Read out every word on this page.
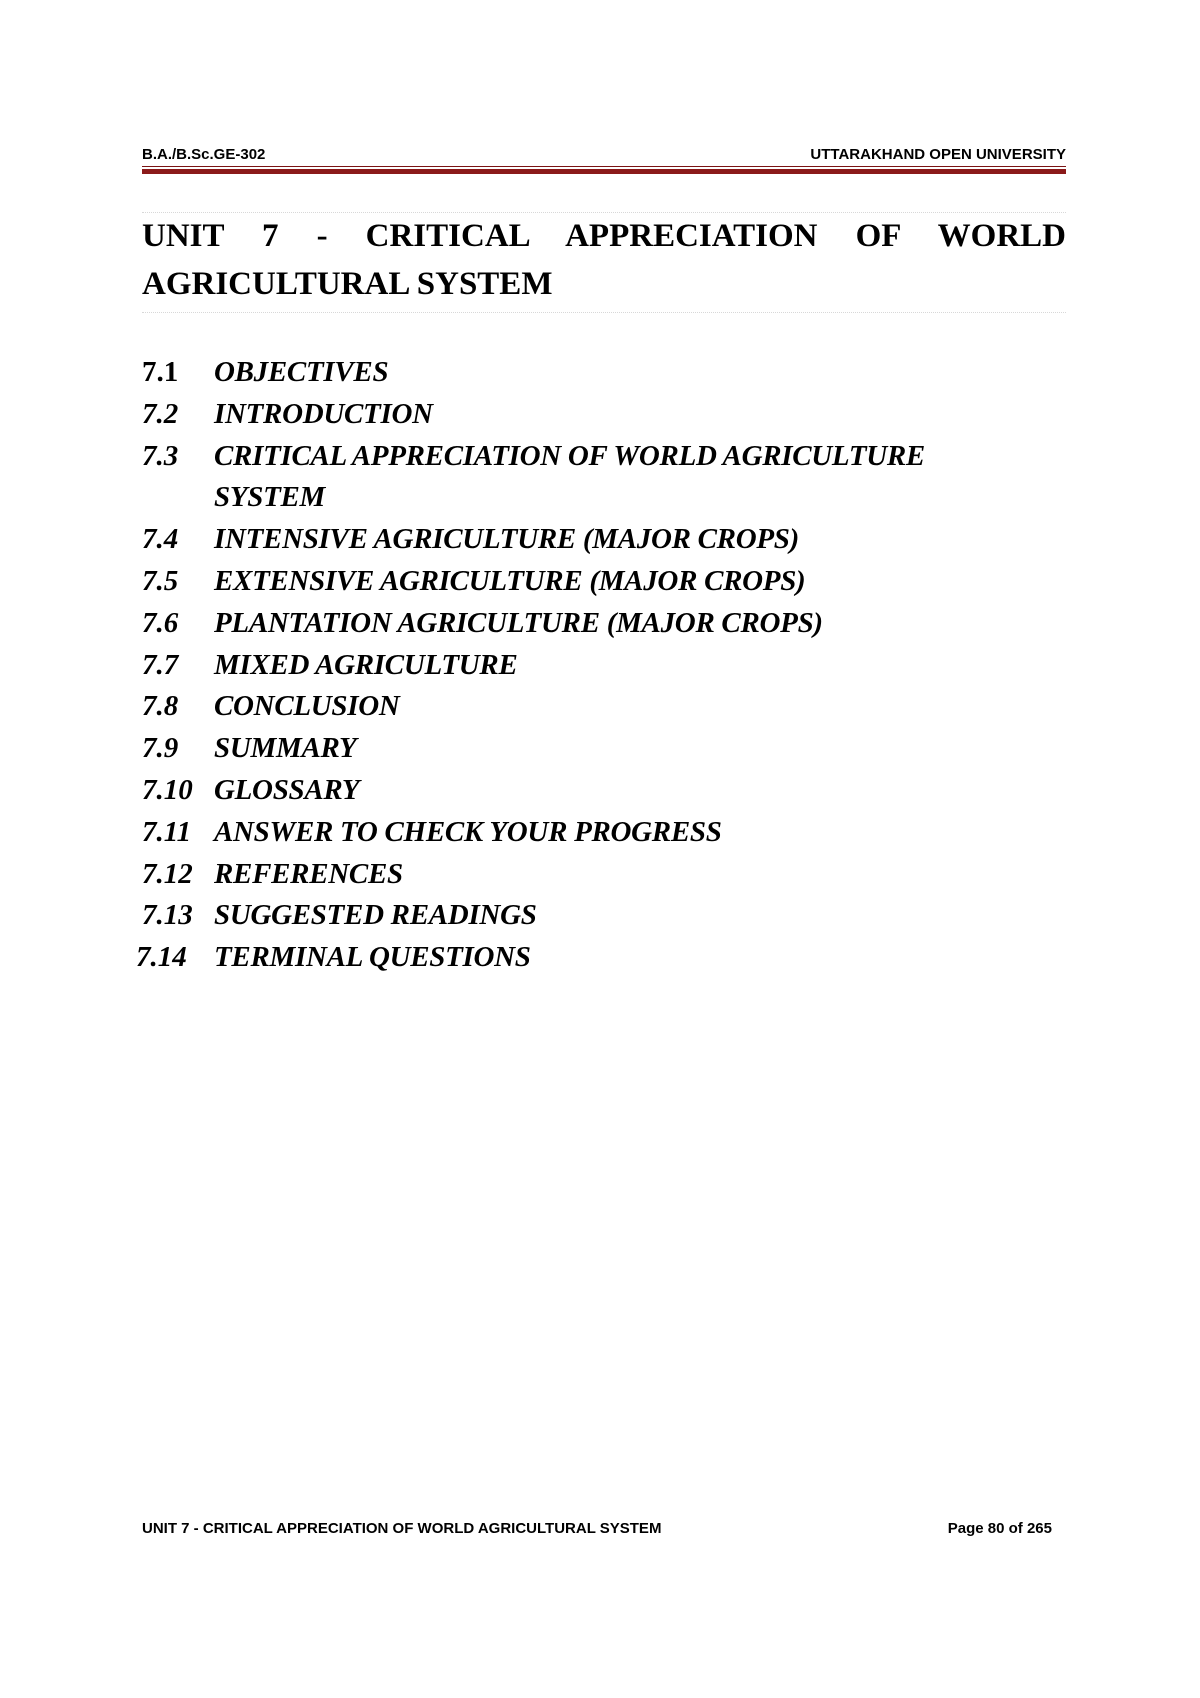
B.A./B.Sc.GE-302	UTTARAKHAND OPEN UNIVERSITY
UNIT 7 - CRITICAL APPRECIATION OF WORLD AGRICULTURAL SYSTEM
7.1	OBJECTIVES
7.2	INTRODUCTION
7.3	CRITICAL APPRECIATION OF WORLD AGRICULTURE SYSTEM
7.4	INTENSIVE AGRICULTURE (MAJOR CROPS)
7.5	EXTENSIVE AGRICULTURE (MAJOR CROPS)
7.6	PLANTATION AGRICULTURE (MAJOR CROPS)
7.7	MIXED AGRICULTURE
7.8	CONCLUSION
7.9	SUMMARY
7.10 GLOSSARY
7.11 ANSWER TO CHECK YOUR PROGRESS
7.12 REFERENCES
7.13 SUGGESTED READINGS
7.14 TERMINAL QUESTIONS
UNIT 7 - CRITICAL APPRECIATION OF WORLD AGRICULTURAL SYSTEM	Page 80 of 265
